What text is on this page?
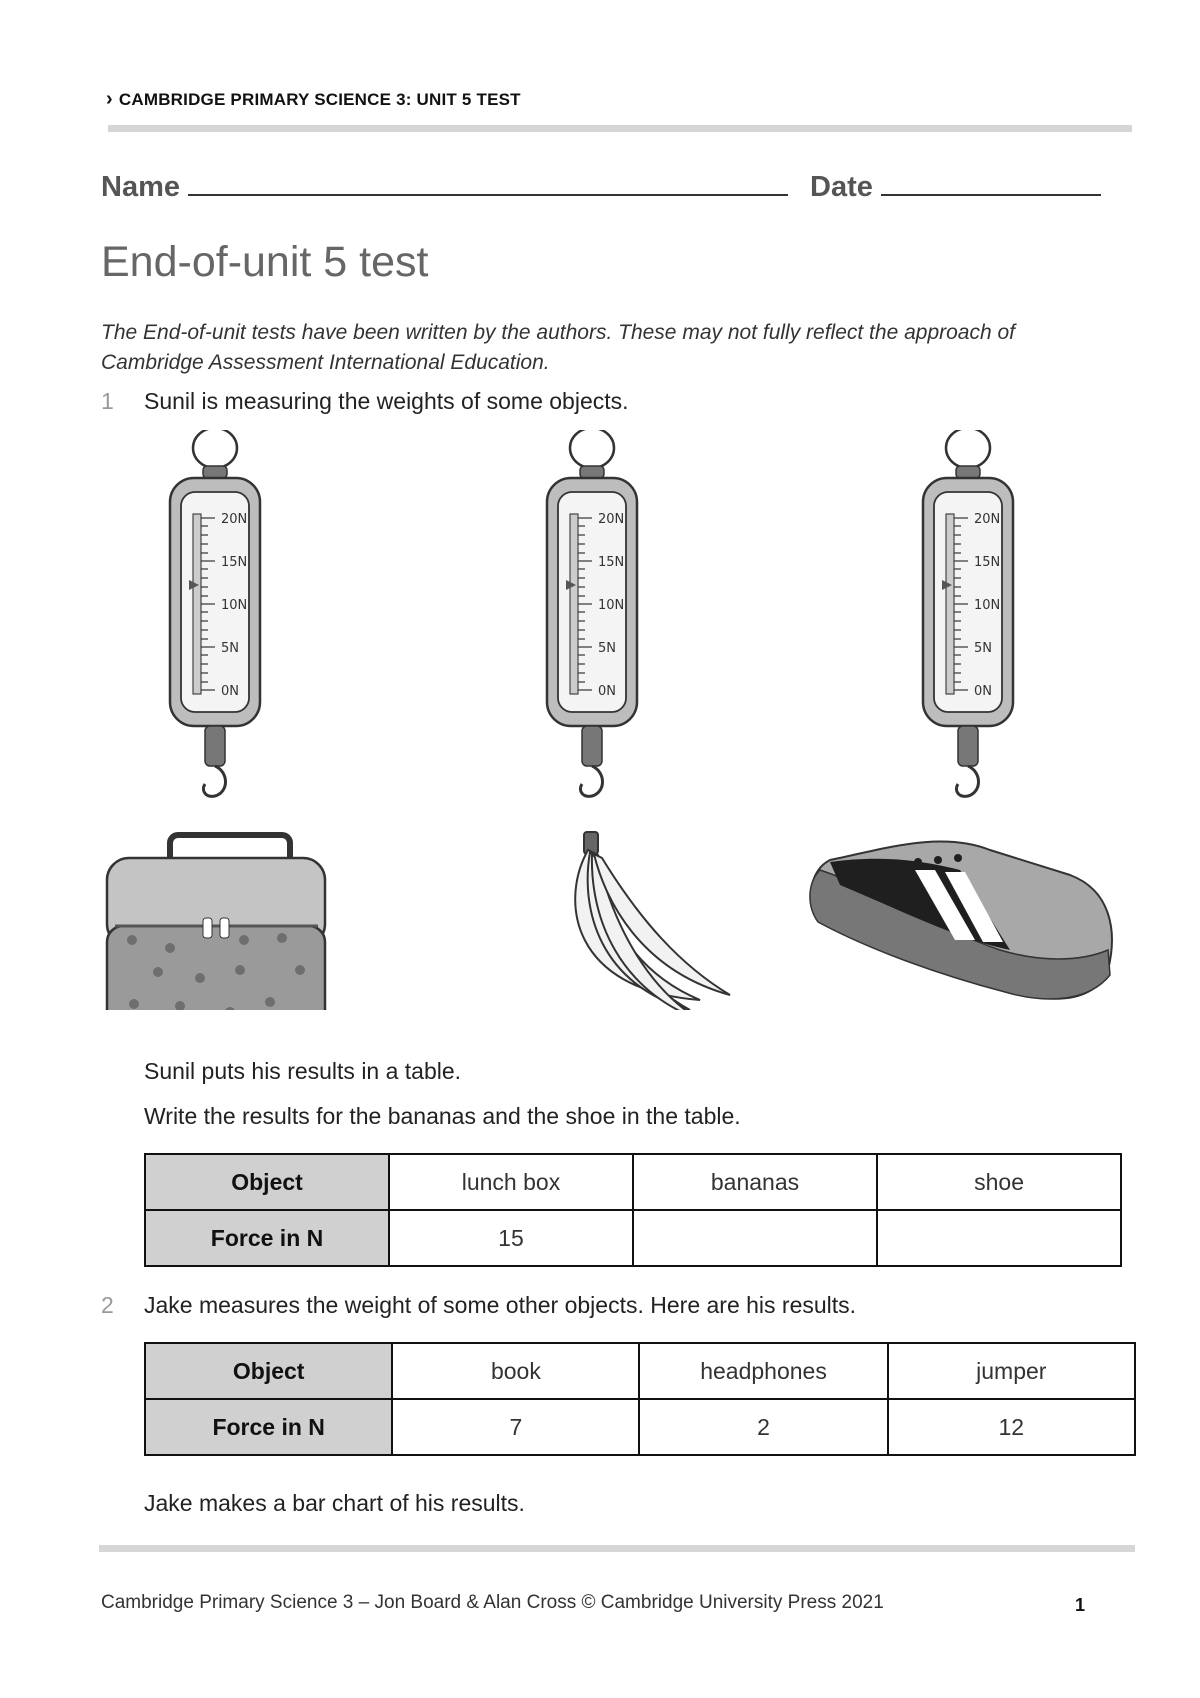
› CAMBRIDGE PRIMARY SCIENCE 3: UNIT 5 TEST
Name	Date
End-of-unit 5 test
The End-of-unit tests have been written by the authors. These may not fully reflect the approach of Cambridge Assessment International Education.
1 Sunil is measuring the weights of some objects.
20N
15N
10N
5N
0N
20N
15N
10N
5N
0N
20N
15N
10N
5N
0N
Sunil puts his results in a table.
Write the results for the bananas and the shoe in the table.
Object	lunch box	bananas	shoe
Force in N	15		
2 Jake measures the weight of some other objects. Here are his results.
Object	book	headphones	jumper
Force in N	7	2	12
Jake makes a bar chart of his results.
Cambridge Primary Science 3 – Jon Board & Alan Cross © Cambridge University Press 2021	1
